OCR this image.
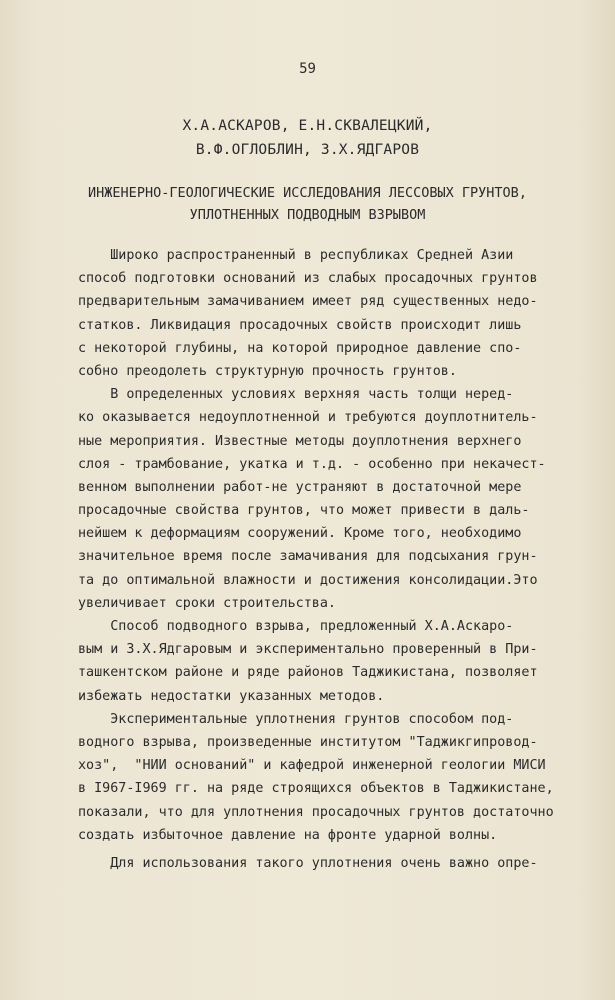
59
Х.А.АСКАРОВ, Е.Н.СКВАЛЕЦКИЙ,
В.Ф.ОГЛОБЛИН, З.Х.ЯДГАРОВ
ИНЖЕНЕРНО-ГЕОЛОГИЧЕСКИЕ ИССЛЕДОВАНИЯ ЛЕССОВЫХ ГРУНТОВ,
УПЛОТНЕННЫХ ПОДВОДНЫМ ВЗРЫВОМ
Широко распространенный в республиках Средней Азии
способ подготовки оснований из слабых просадочных грунтов
предварительным замачиванием имеет ряд существенных недо-
статков. Ликвидация просадочных свойств происходит лишь
с некоторой глубины, на которой природное давление спо-
собно преодолеть структурную прочность грунтов.
В определенных условиях верхняя часть толщи неред-
ко оказывается недоуплотненной и требуются доуплотнитель-
ные мероприятия. Известные методы доуплотнения верхнего
слоя - трамбование, укатка и т.д. - особенно при некачест-
венном выполнении работ-не устраняют в достаточной мере
просадочные свойства грунтов, что может привести в даль-
нейшем к деформациям сооружений. Кроме того, необходимо
значительное время после замачивания для подсыхания грун-
та до оптимальной влажности и достижения консолидации.Это
увеличивает сроки строительства.
Способ подводного взрыва, предложенный Х.А.Аскаро-
вым и З.Х.Ядгаровым и экспериментально проверенный в При-
ташкентском районе и ряде районов Таджикистана, позволяет
избежать недостатки указанных методов.
Экспериментальные уплотнения грунтов способом под-
водного взрыва, произведенные институтом "Таджикгипровод-
хоз",  "НИИ оснований" и кафедрой инженерной геологии МИСИ
в I967-I969 гг. на ряде строящихся объектов в Таджикистане,
показали, что для уплотнения просадочных грунтов достаточно
создать избыточное давление на фронте ударной волны.
Для использования такого уплотнения очень важно опре-
